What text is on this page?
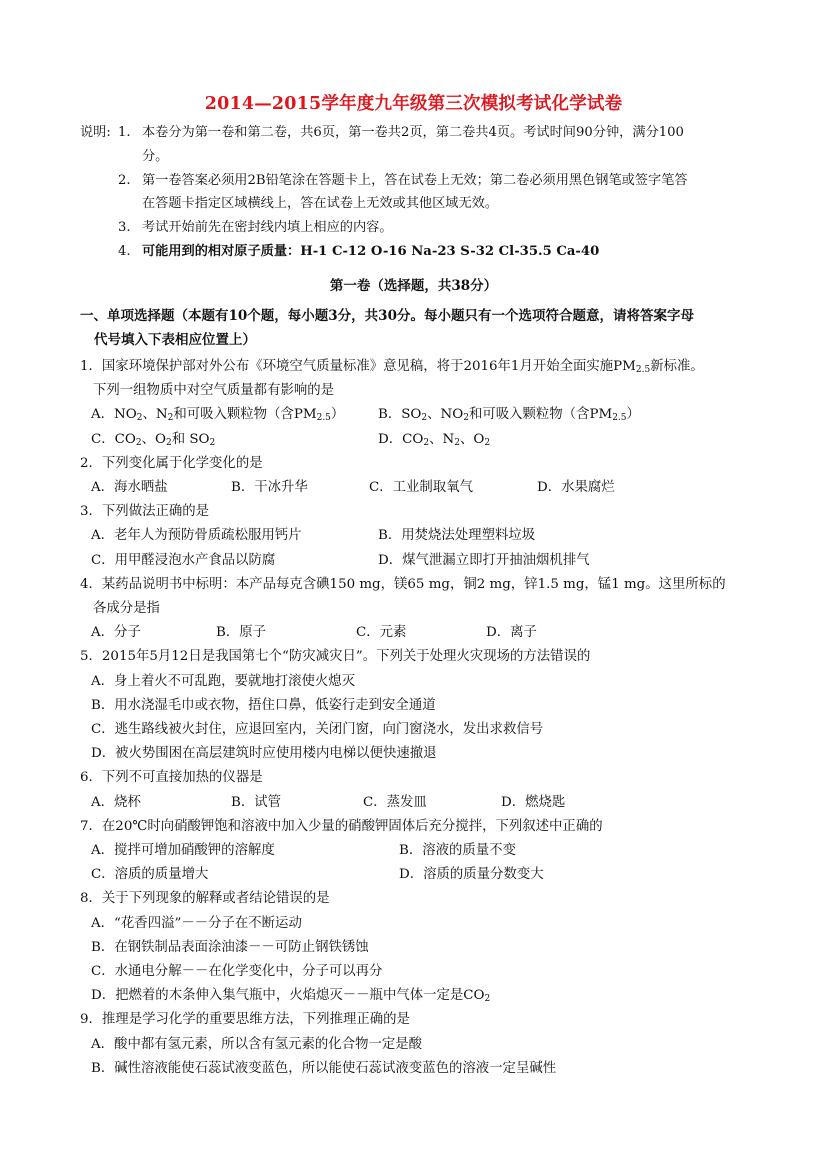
2014—2015学年度九年级第三次模拟考试化学试卷
说明: 1. 本卷分为第一卷和第二卷，共6页，第一卷共2页，第二卷共4页。考试时间90分钟，满分100
分。
2. 第一卷答案必须用2B铅笔涂在答题卡上，答在试卷上无效；第二卷必须用黑色钢笔或签字笔答
在答题卡指定区域横线上，答在试卷上无效或其他区域无效。
3. 考试开始前先在密封线内填上相应的内容。
4. 可能用到的相对原子质量：H-1 C-12 O-16 Na-23 S-32 Cl-35.5 Ca-40
第一卷（选择题，共38分）
一、单项选择题（本题有10个题，每小题3分，共30分。每小题只有一个选项符合题意，请将答案字母
代号填入下表相应位置上）
1．国家环境保护部对外公布《环境空气质量标准》意见稿，将于2016年1月开始全面实施$PM_{2.5}$新标准。
下列一组物质中对空气质量都有影响的是
A．$NO_2$、$N_2$和可吸入颗粒物（含$PM_{2.5}$）	B．$SO_2$、$NO_2$和可吸入颗粒物（含$PM_{2.5}$）
C．$CO_2$、$O_2$和 $SO_2$	D．$CO_2$、$N_2$、$O_2$
2．下列变化属于化学变化的是
A．海水晒盐	B．干冰升华	C．工业制取氧气	D．水果腐烂
3．下列做法正确的是
A．老年人为预防骨质疏松服用钙片	B．用焚烧法处理塑料垃圾
C．用甲醛浸泡水产食品以防腐	D．煤气泄漏立即打开抽油烟机排气
4．某药品说明书中标明：本产品每克含碘150 mg，镁65 mg，铜2 mg，锌1.5 mg，锰1 mg。这里所标的
各成分是指
A．分子	B．原子	C．元素	D．离子
5．2015年5月12日是我国第七个“防灾减灾日”。下列关于处理火灾现场的方法错误的
A．身上着火不可乱跑，要就地打滚使火熄灭
B．用水浇湿毛巾或衣物，捂住口鼻，低姿行走到安全通道
C．逃生路线被火封住，应退回室内，关闭门窗，向门窗浇水，发出求救信号
D．被火势围困在高层建筑时应使用楼内电梯以便快速撤退
6．下列不可直接加热的仪器是
A．烧杯	B．试管	C．蒸发皿	D．燃烧匙
7．在20℃时向硝酸钾饱和溶液中加入少量的硝酸钾固体后充分搅拌，下列叙述中正确的
A．搅拌可增加硝酸钾的溶解度	B．溶液的质量不变
C．溶质的质量增大	D．溶质的质量分数变大
8．关于下列现象的解释或者结论错误的是
A．“花香四溢”－－分子在不断运动
B．在钢铁制品表面涂油漆－－可防止钢铁锈蚀
C．水通电分解－－在化学变化中，分子可以再分
D．把燃着的木条伸入集气瓶中，火焰熄灭－－瓶中气体一定是$CO_2$
9．推理是学习化学的重要思维方法，下列推理正确的是
A．酸中都有氢元素，所以含有氢元素的化合物一定是酸
B．碱性溶液能使石蕊试液变蓝色，所以能使石蕊试液变蓝色的溶液一定呈碱性
